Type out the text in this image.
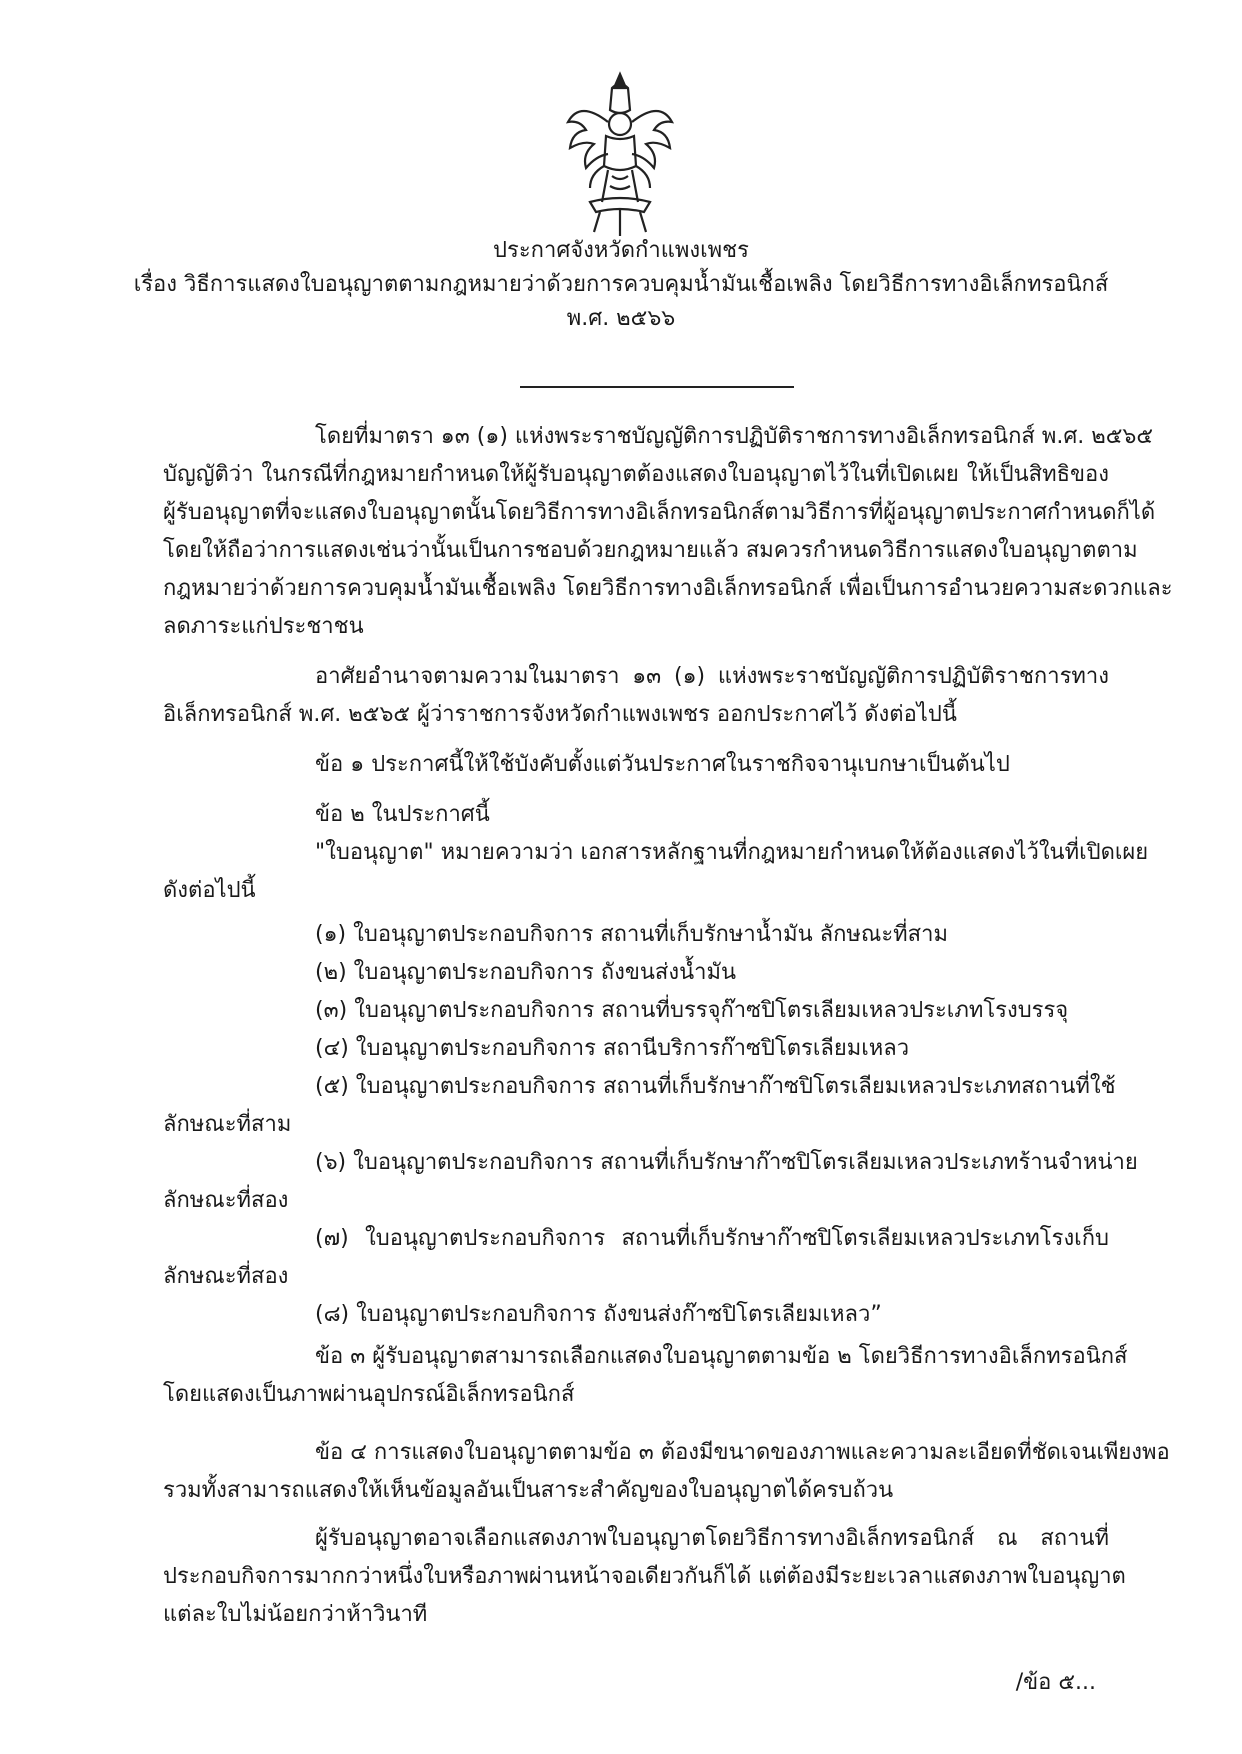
ประกาศจังหวัดกำแพงเพชร
เรื่อง วิธีการแสดงใบอนุญาตตามกฎหมายว่าด้วยการควบคุมน้ำมันเชื้อเพลิง โดยวิธีการทางอิเล็กทรอนิกส์
พ.ศ. ๒๕๖๖
โดยที่มาตรา ๑๓ (๑) แห่งพระราชบัญญัติการปฏิบัติราชการทางอิเล็กทรอนิกส์ พ.ศ. ๒๕๖๕
บัญญัติว่า ในกรณีที่กฎหมายกำหนดให้ผู้รับอนุญาตต้องแสดงใบอนุญาตไว้ในที่เปิดเผย ให้เป็นสิทธิของ
ผู้รับอนุญาตที่จะแสดงใบอนุญาตนั้นโดยวิธีการทางอิเล็กทรอนิกส์ตามวิธีการที่ผู้อนุญาตประกาศกำหนดก็ได้
โดยให้ถือว่าการแสดงเช่นว่านั้นเป็นการชอบด้วยกฎหมายแล้ว สมควรกำหนดวิธีการแสดงใบอนุญาตตาม
กฎหมายว่าด้วยการควบคุมน้ำมันเชื้อเพลิง โดยวิธีการทางอิเล็กทรอนิกส์ เพื่อเป็นการอำนวยความสะดวกและ
ลดภาระแก่ประชาชน
อาศัยอำนาจตามความในมาตรา ๑๓ (๑) แห่งพระราชบัญญัติการปฏิบัติราชการทาง
อิเล็กทรอนิกส์ พ.ศ. ๒๕๖๕ ผู้ว่าราชการจังหวัดกำแพงเพชร ออกประกาศไว้ ดังต่อไปนี้
ข้อ ๑ ประกาศนี้ให้ใช้บังคับตั้งแต่วันประกาศในราชกิจจานุเบกษาเป็นต้นไป
ข้อ ๒ ในประกาศนี้
"ใบอนุญาต" หมายความว่า เอกสารหลักฐานที่กฎหมายกำหนดให้ต้องแสดงไว้ในที่เปิดเผย
ดังต่อไปนี้
(๑) ใบอนุญาตประกอบกิจการ สถานที่เก็บรักษาน้ำมัน ลักษณะที่สาม
(๒) ใบอนุญาตประกอบกิจการ ถังขนส่งน้ำมัน
(๓) ใบอนุญาตประกอบกิจการ สถานที่บรรจุก๊าซปิโตรเลียมเหลวประเภทโรงบรรจุ
(๔) ใบอนุญาตประกอบกิจการ สถานีบริการก๊าซปิโตรเลียมเหลว
(๕) ใบอนุญาตประกอบกิจการ สถานที่เก็บรักษาก๊าซปิโตรเลียมเหลวประเภทสถานที่ใช้
ลักษณะที่สาม
(๖) ใบอนุญาตประกอบกิจการ สถานที่เก็บรักษาก๊าซปิโตรเลียมเหลวประเภทร้านจำหน่าย
ลักษณะที่สอง
(๗) ใบอนุญาตประกอบกิจการ สถานที่เก็บรักษาก๊าซปิโตรเลียมเหลวประเภทโรงเก็บ
ลักษณะที่สอง
(๘) ใบอนุญาตประกอบกิจการ ถังขนส่งก๊าซปิโตรเลียมเหลว”
ข้อ ๓ ผู้รับอนุญาตสามารถเลือกแสดงใบอนุญาตตามข้อ ๒ โดยวิธีการทางอิเล็กทรอนิกส์
โดยแสดงเป็นภาพผ่านอุปกรณ์อิเล็กทรอนิกส์
ข้อ ๔ การแสดงใบอนุญาตตามข้อ ๓ ต้องมีขนาดของภาพและความละเอียดที่ชัดเจนเพียงพอ
รวมทั้งสามารถแสดงให้เห็นข้อมูลอันเป็นสาระสำคัญของใบอนุญาตได้ครบถ้วน
ผู้รับอนุญาตอาจเลือกแสดงภาพใบอนุญาตโดยวิธีการทางอิเล็กทรอนิกส์ ณ สถานที่
ประกอบกิจการมากกว่าหนึ่งใบหรือภาพผ่านหน้าจอเดียวกันก็ได้ แต่ต้องมีระยะเวลาแสดงภาพใบอนุญาต
แต่ละใบไม่น้อยกว่าห้าวินาที
/ข้อ ๕...
